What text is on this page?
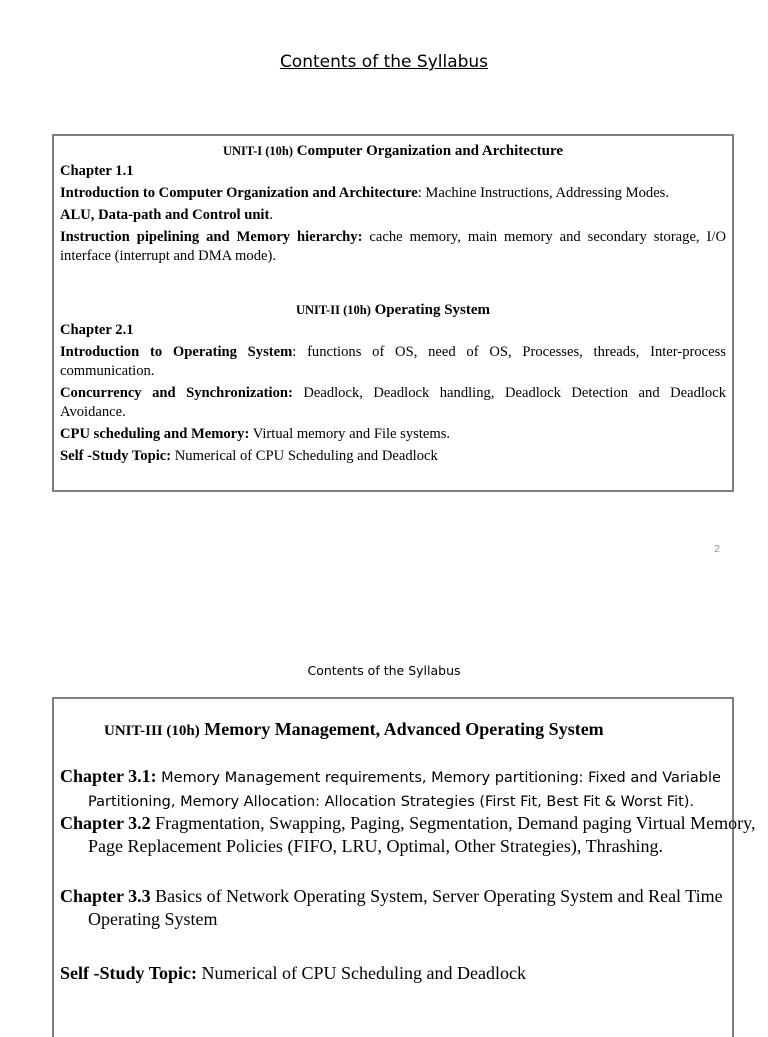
Contents of the Syllabus
UNIT-I (10h) Computer Organization and Architecture
Chapter 1.1
Introduction to Computer Organization and Architecture: Machine Instructions, Addressing Modes.
ALU, Data-path and Control unit.
Instruction pipelining and Memory hierarchy: cache memory, main memory and secondary storage, I/O interface (interrupt and DMA mode).
UNIT-II (10h) Operating System
Chapter 2.1
Introduction to Operating System: functions of OS, need of OS, Processes, threads, Inter-process communication.
Concurrency and Synchronization: Deadlock, Deadlock handling, Deadlock Detection and Deadlock Avoidance.
CPU scheduling and Memory: Virtual memory and File systems.
Self -Study Topic: Numerical of CPU Scheduling and Deadlock
2
Contents of the Syllabus
UNIT-III (10h) Memory Management, Advanced Operating System
Chapter 3.1: Memory Management requirements, Memory partitioning: Fixed and Variable Partitioning, Memory Allocation: Allocation Strategies (First Fit, Best Fit & Worst Fit).
Chapter 3.2 Fragmentation, Swapping, Paging, Segmentation, Demand paging Virtual Memory, Page Replacement Policies (FIFO, LRU, Optimal, Other Strategies), Thrashing.
Chapter 3.3 Basics of Network Operating System, Server Operating System and Real Time Operating System
Self -Study Topic: Numerical of CPU Scheduling and Deadlock
